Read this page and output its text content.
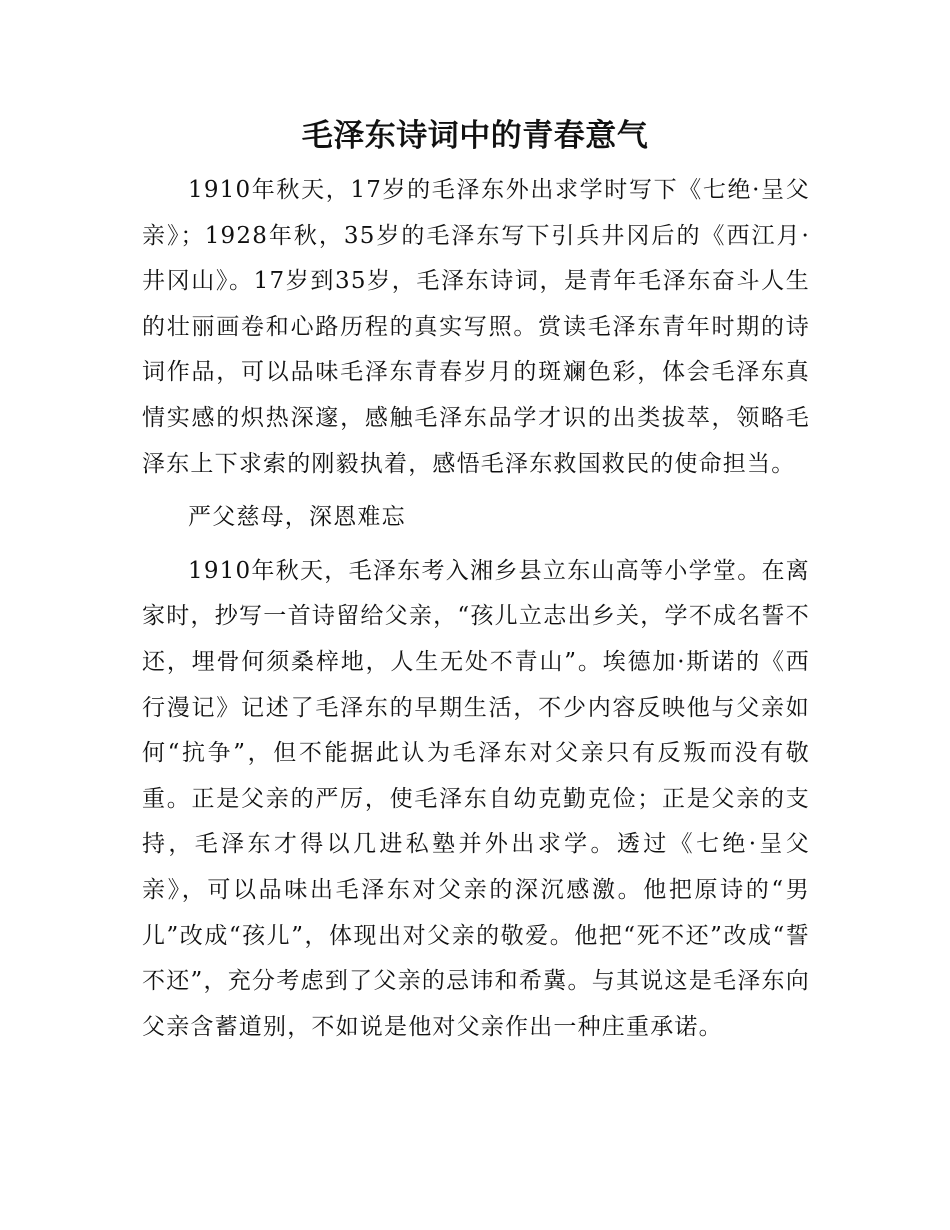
毛泽东诗词中的青春意气

1910年秋天，17岁的毛泽东外出求学时写下《七绝·呈父亲》；1928年秋，35岁的毛泽东写下引兵井冈后的《西江月·井冈山》。17岁到35岁，毛泽东诗词，是青年毛泽东奋斗人生的壮丽画卷和心路历程的真实写照。赏读毛泽东青年时期的诗词作品，可以品味毛泽东青春岁月的斑斓色彩，体会毛泽东真情实感的炽热深邃，感触毛泽东品学才识的出类拔萃，领略毛泽东上下求索的刚毅执着，感悟毛泽东救国救民的使命担当。

严父慈母，深恩难忘

1910年秋天，毛泽东考入湘乡县立东山高等小学堂。在离家时，抄写一首诗留给父亲，“孩儿立志出乡关，学不成名誓不还，埋骨何须桑梓地，人生无处不青山”。埃德加·斯诺的《西行漫记》记述了毛泽东的早期生活，不少内容反映他与父亲如何“抗争”，但不能据此认为毛泽东对父亲只有反叛而没有敬重。正是父亲的严厉，使毛泽东自幼克勤克俭；正是父亲的支持，毛泽东才得以几进私塾并外出求学。透过《七绝·呈父亲》，可以品味出毛泽东对父亲的深沉感激。他把原诗的“男儿”改成“孩儿”，体现出对父亲的敬爱。他把“死不还”改成“誓不还”，充分考虑到了父亲的忌讳和希冀。与其说这是毛泽东向父亲含蓄道别，不如说是他对父亲作出一种庄重承诺。
